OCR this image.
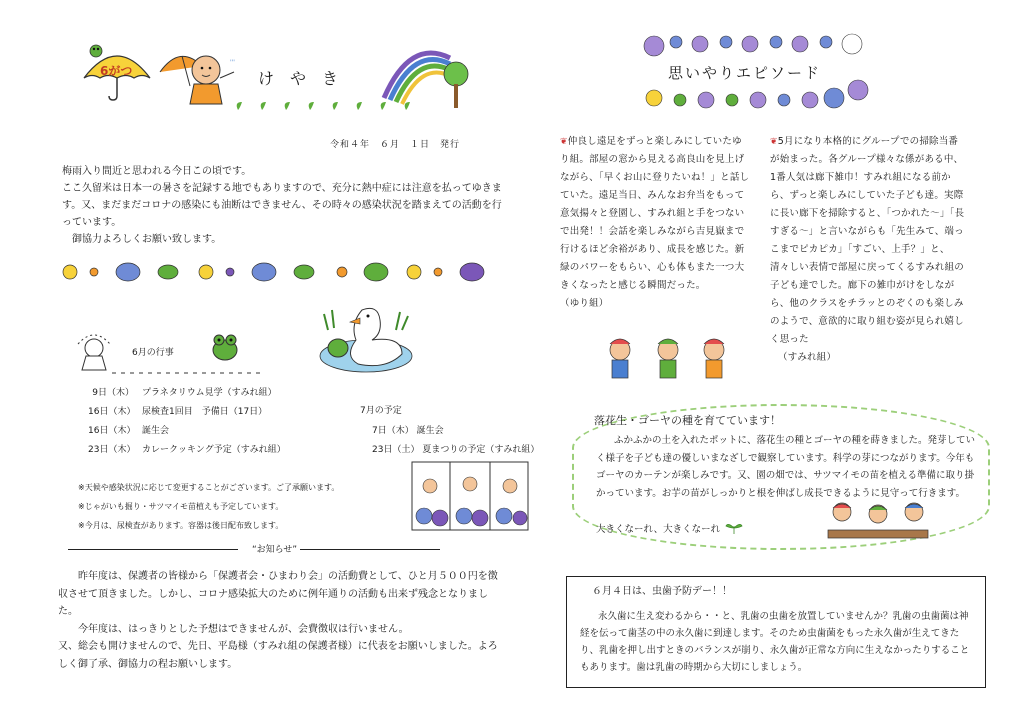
6がつ
'''
けやき
令和４年　６月　１日　発行

梅雨入り間近と思われる今日この頃です。

ここ久留米は日本一の暑さを記録する地でもありますので、充分に熱中症には注意を払ってゆきます。又、まだまだコロナの感染にも油断はできません、その時々の感染状況を踏まえての活動を行っています。

御協力よろしくお願い致します。

6月の行事
9日（木） プラネタリウム見学（すみれ組）
16日（木） 尿検査1回目　予備日（17日）
16日（木） 誕生会
23日（木） カレークッキング予定（すみれ組）
7月の予定
7日（木） 誕生会
23日（土） 夏まつりの予定（すみれ組）
※天候や感染状況に応じて変更することがございます。ご了承願います。
※じゃがいも掘り・サツマイモ苗植えも予定しています。
※今月は、尿検査があります。容器は後日配布致します。
“お知らせ”

昨年度は、保護者の皆様から「保護者会・ひまわり会」の活動費として、ひと月５００円を徴収させて頂きました。しかし、コロナ感染拡大のために例年通りの活動も出来ず残念となりました。

今年度は、はっきりとした予想はできませんが、会費徴収は行いません。

又、総会も開けませんので、先日、平島様（すみれ組の保護者様）に代表をお願いしました。よろしく御了承、御協力の程お願いします。

思いやりエピソード

❦仲良し遠足をずっと楽しみにしていたゆり組。部屋の窓から見える高良山を見上げながら、「早くお山に登りたいね！」と話していた。遠足当日、みんなお弁当をもって意気揚々と登園し、すみれ組と手をつないで出発！！会話を楽しみながら吉見嶽まで行けるほど余裕があり、成長を感じた。新緑のパワーをもらい、心も体もまた一つ大きくなったと感じる瞬間だった。

（ゆり組）

❦5月になり本格的にグループでの掃除当番が始まった。各グループ様々な係がある中、1番人気は廊下雑巾！すみれ組になる前から、ずっと楽しみにしていた子ども達。実際に長い廊下を掃除すると、「つかれた〜」「長すぎる〜」と言いながらも「先生みて、端っこまでピカピカ」「すごい、上手？」と、清々しい表情で部屋に戻ってくるすみれ組の子ども達でした。廊下の雑巾がけをしながら、他のクラスをチラッとのぞくのも楽しみのようで、意欲的に取り組む姿が見られ嬉しく思った

（すみれ組）

落花生・ゴーヤの種を育てています！

ふかふかの土を入れたポットに、落花生の種とゴーヤの種を蒔きました。発芽していく様子を子ども達の優しいまなざしで観察しています。科学の芽につながります。今年もゴーヤのカーテンが楽しみです。又、園の畑では、サツマイモの苗を植える準備に取り掛かっています。お芋の苗がしっかりと根を伸ばし成長できるように見守って行きます。

大きくなーれ、大きくなーれ
６月４日は、虫歯予防デー！！

永久歯に生え変わるから・・と、乳歯の虫歯を放置していませんか？乳歯の虫歯菌は神経を伝って歯茎の中の永久歯に到達します。そのため虫歯菌をもった永久歯が生えてきたり、乳歯を押し出すときのバランスが崩り、永久歯が正常な方向に生えなかったりすることもあります。歯は乳歯の時期から大切にしましょう。
